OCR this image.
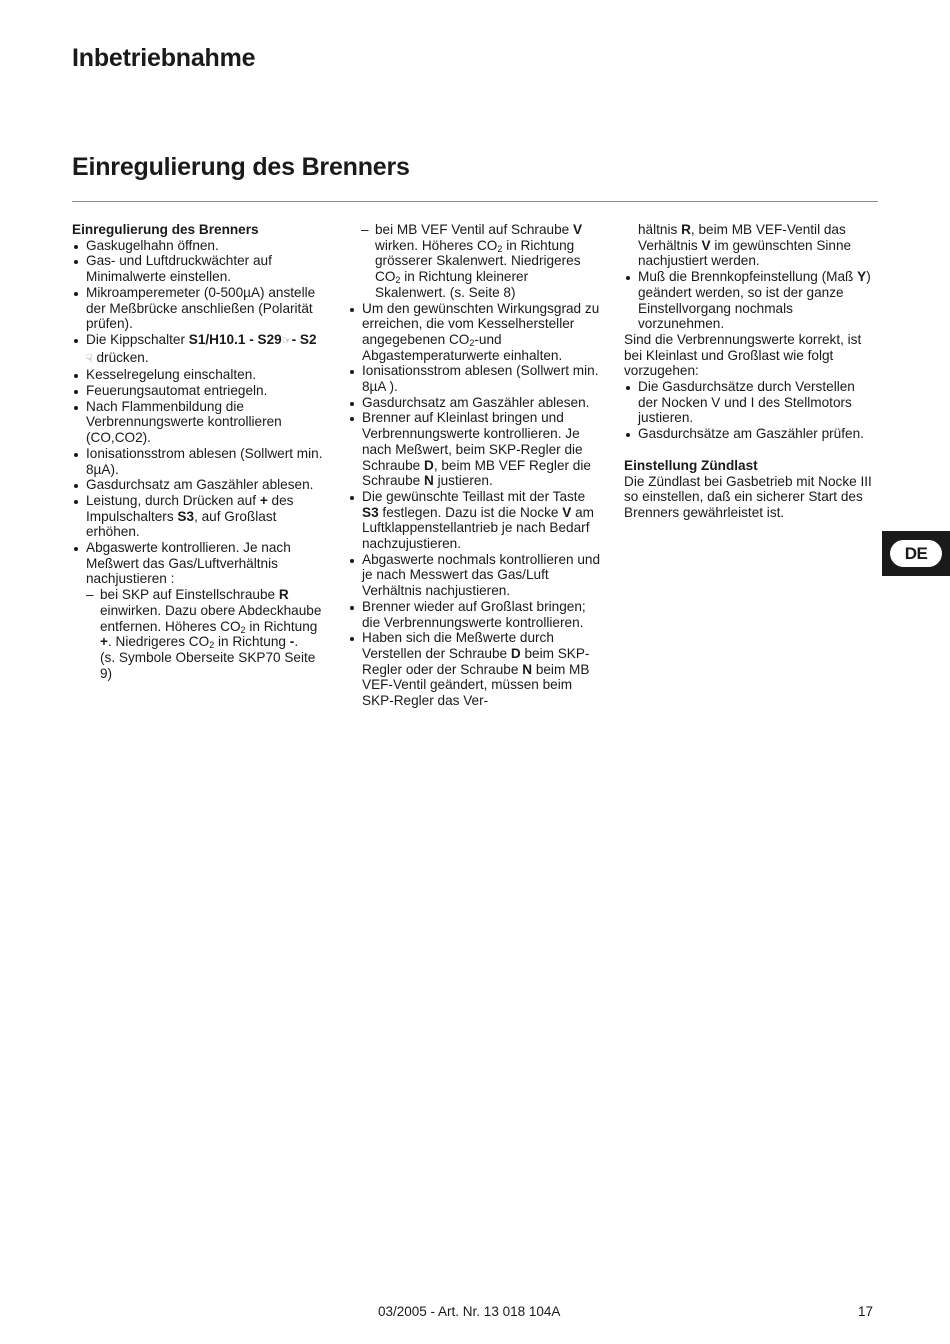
Inbetriebnahme
Einregulierung des Brenners

Einregulierung des Brenners

Gaskugelhahn öffnen.
Gas- und Luftdruckwächter auf Minimalwerte einstellen.
Mikroamperemeter (0-500µA) anstelle der Meßbrücke anschließen (Polarität prüfen).
Die Kippschalter S1/H10.1 - S29☞- S2 ☟ drücken.
Kesselregelung einschalten.
Feuerungsautomat entriegeln.
Nach Flammenbildung die Verbrennungswerte kontrollieren (CO,CO2).
Ionisationsstrom ablesen (Sollwert min. 8µA).
Gasdurchsatz am Gaszähler ablesen.
Leistung, durch Drücken auf + des Impulschalters S3, auf Großlast erhöhen.
Abgaswerte kontrollieren. Je nach Meßwert das Gas/Luftverhältnis nachjustieren :
– bei SKP auf Einstellschraube R einwirken. Dazu obere Abdeckhaube entfernen. Höheres $CO_2$ in Richtung +. Niedrigeres $CO_2$ in Richtung -.
(s. Symbole Oberseite SKP70 Seite 9)
– bei MB VEF Ventil auf Schraube V wirken. Höheres $CO_2$ in Richtung grösserer Skalenwert. Niedrigeres $CO_2$ in Richtung kleinerer Skalenwert. (s. Seite 8)
Um den gewünschten Wirkungsgrad zu erreichen, die vom Kesselhersteller angegebenen $CO_2$-und Abgastemperaturwerte einhalten.
Ionisationsstrom ablesen (Sollwert min. 8µA ).
Gasdurchsatz am Gaszähler ablesen.
Brenner auf Kleinlast bringen und Verbrennungswerte kontrollieren. Je nach Meßwert, beim SKP-Regler die Schraube D, beim MB VEF Regler die Schraube N justieren.
Die gewünschte Teillast mit der Taste S3 festlegen. Dazu ist die Nocke V am Luftklappenstellantrieb je nach Bedarf nachzujustieren.
Abgaswerte nochmals kontrollieren und je nach Messwert das Gas/Luft Verhältnis nachjustieren.
Brenner wieder auf Großlast bringen; die Verbrennungswerte kontrollieren.
Haben sich die Meßwerte durch Verstellen der Schraube D beim SKP-Regler oder der Schraube N beim MB VEF-Ventil geändert, müssen beim SKP-Regler das Ver-

hältnis R, beim MB VEF-Ventil das Verhältnis V im gewünschten Sinne nachjustiert werden.

Muß die Brennkopfeinstellung (Maß Y) geändert werden, so ist der ganze Einstellvorgang nochmals vorzunehmen.

Sind die Verbrennungswerte korrekt, ist bei Kleinlast und Großlast wie folgt vorzugehen:

Die Gasdurchsätze durch Verstellen der Nocken V und I des Stellmotors justieren.
Gasdurchsätze am Gaszähler prüfen.

Einstellung Zündlast

Die Zündlast bei Gasbetrieb mit Nocke III so einstellen, daß ein sicherer Start des Brenners gewährleistet ist.

DE
03/2005 - Art. Nr. 13 018 104A	17
